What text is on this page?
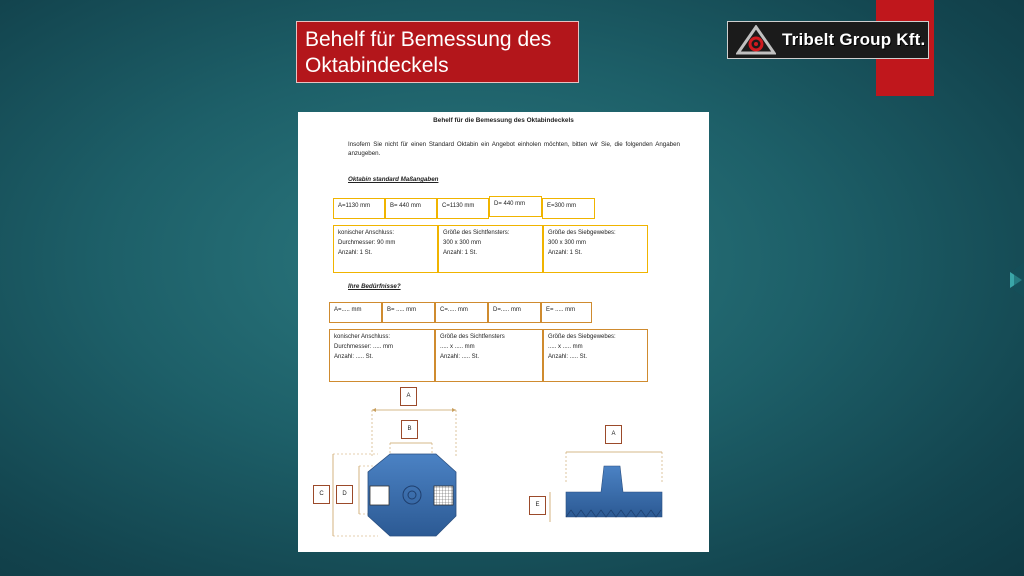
Behelf für Bemessung des Oktabindeckels
Tribelt Group Kft.
Behelf für die Bemessung des Oktabindeckels
Insofern Sie nicht für einen Standard Oktabin ein Angebot einholen möchten, bitten wir Sie, die folgenden Angaben anzugeben.
Oktabin standard Maßangaben
A=1130 mm	B= 440 mm	C=1130 mm	D= 440 mm	E=300 mm
konischer Anschluss:
Durchmesser: 90 mm
Anzahl: 1 St.
Größe des Sichtfensters:
300 x 300 mm
Anzahl: 1 St.
Größe des Siebgewebes:
300 x 300 mm
Anzahl: 1 St.
Ihre Bedürfnisse?
A=..... mm	B= ..... mm	C=..... mm	D=..... mm	E= ..... mm
konischer Anschluss:
Durchmesser: ..... mm
Anzahl: ..... St.
Größe des Sichtfensters
..... x ..... mm
Anzahl: ..... St.
Größe des Siebgewebes:
..... x ..... mm
Anzahl: ..... St.
A
B
C	D
A
E
